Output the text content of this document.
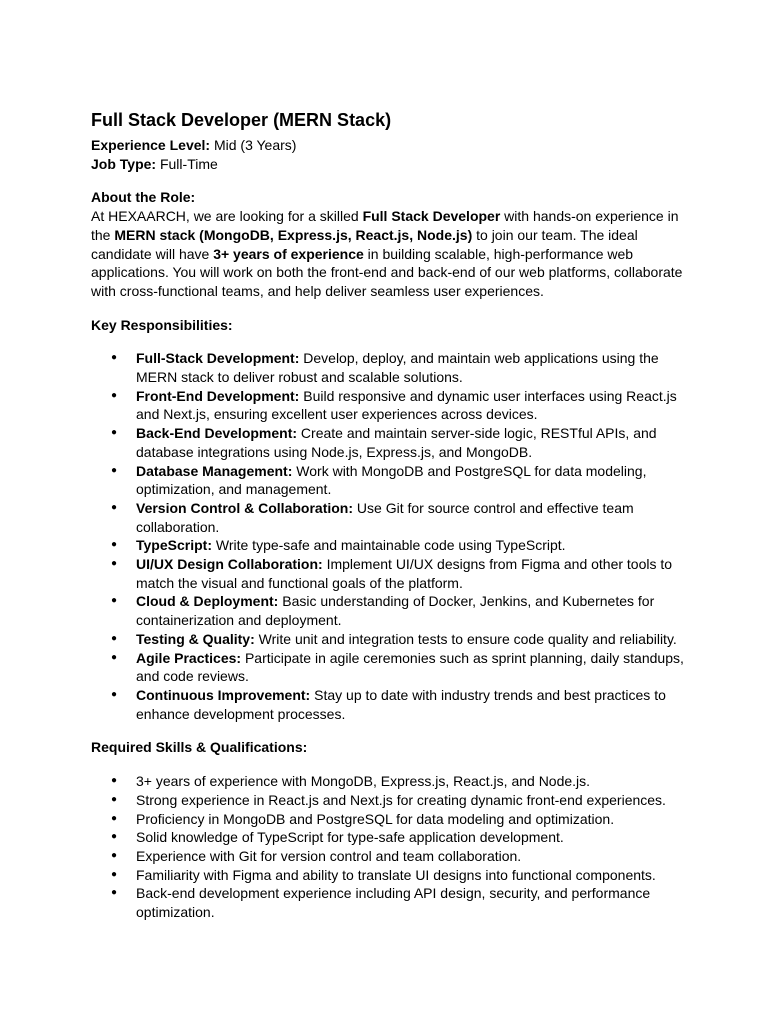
Full Stack Developer (MERN Stack)

Experience Level: Mid (3 Years)

Job Type: Full-Time

About the Role:

At HEXAARCH, we are looking for a skilled Full Stack Developer with hands-on experience in the MERN stack (MongoDB, Express.js, React.js, Node.js) to join our team. The ideal candidate will have 3+ years of experience in building scalable, high-performance web applications. You will work on both the front-end and back-end of our web platforms, collaborate with cross-functional teams, and help deliver seamless user experiences.

Key Responsibilities:

● Full-Stack Development: Develop, deploy, and maintain web applications using the MERN stack to deliver robust and scalable solutions.
● Front-End Development: Build responsive and dynamic user interfaces using React.js and Next.js, ensuring excellent user experiences across devices.
● Back-End Development: Create and maintain server-side logic, RESTful APIs, and database integrations using Node.js, Express.js, and MongoDB.
● Database Management: Work with MongoDB and PostgreSQL for data modeling, optimization, and management.
● Version Control & Collaboration: Use Git for source control and effective team collaboration.
● TypeScript: Write type-safe and maintainable code using TypeScript.
● UI/UX Design Collaboration: Implement UI/UX designs from Figma and other tools to match the visual and functional goals of the platform.
● Cloud & Deployment: Basic understanding of Docker, Jenkins, and Kubernetes for containerization and deployment.
● Testing & Quality: Write unit and integration tests to ensure code quality and reliability.
● Agile Practices: Participate in agile ceremonies such as sprint planning, daily standups, and code reviews.
● Continuous Improvement: Stay up to date with industry trends and best practices to enhance development processes.

Required Skills & Qualifications:

● 3+ years of experience with MongoDB, Express.js, React.js, and Node.js.
● Strong experience in React.js and Next.js for creating dynamic front-end experiences.
● Proficiency in MongoDB and PostgreSQL for data modeling and optimization.
● Solid knowledge of TypeScript for type-safe application development.
● Experience with Git for version control and team collaboration.
● Familiarity with Figma and ability to translate UI designs into functional components.
● Back-end development experience including API design, security, and performance optimization.
